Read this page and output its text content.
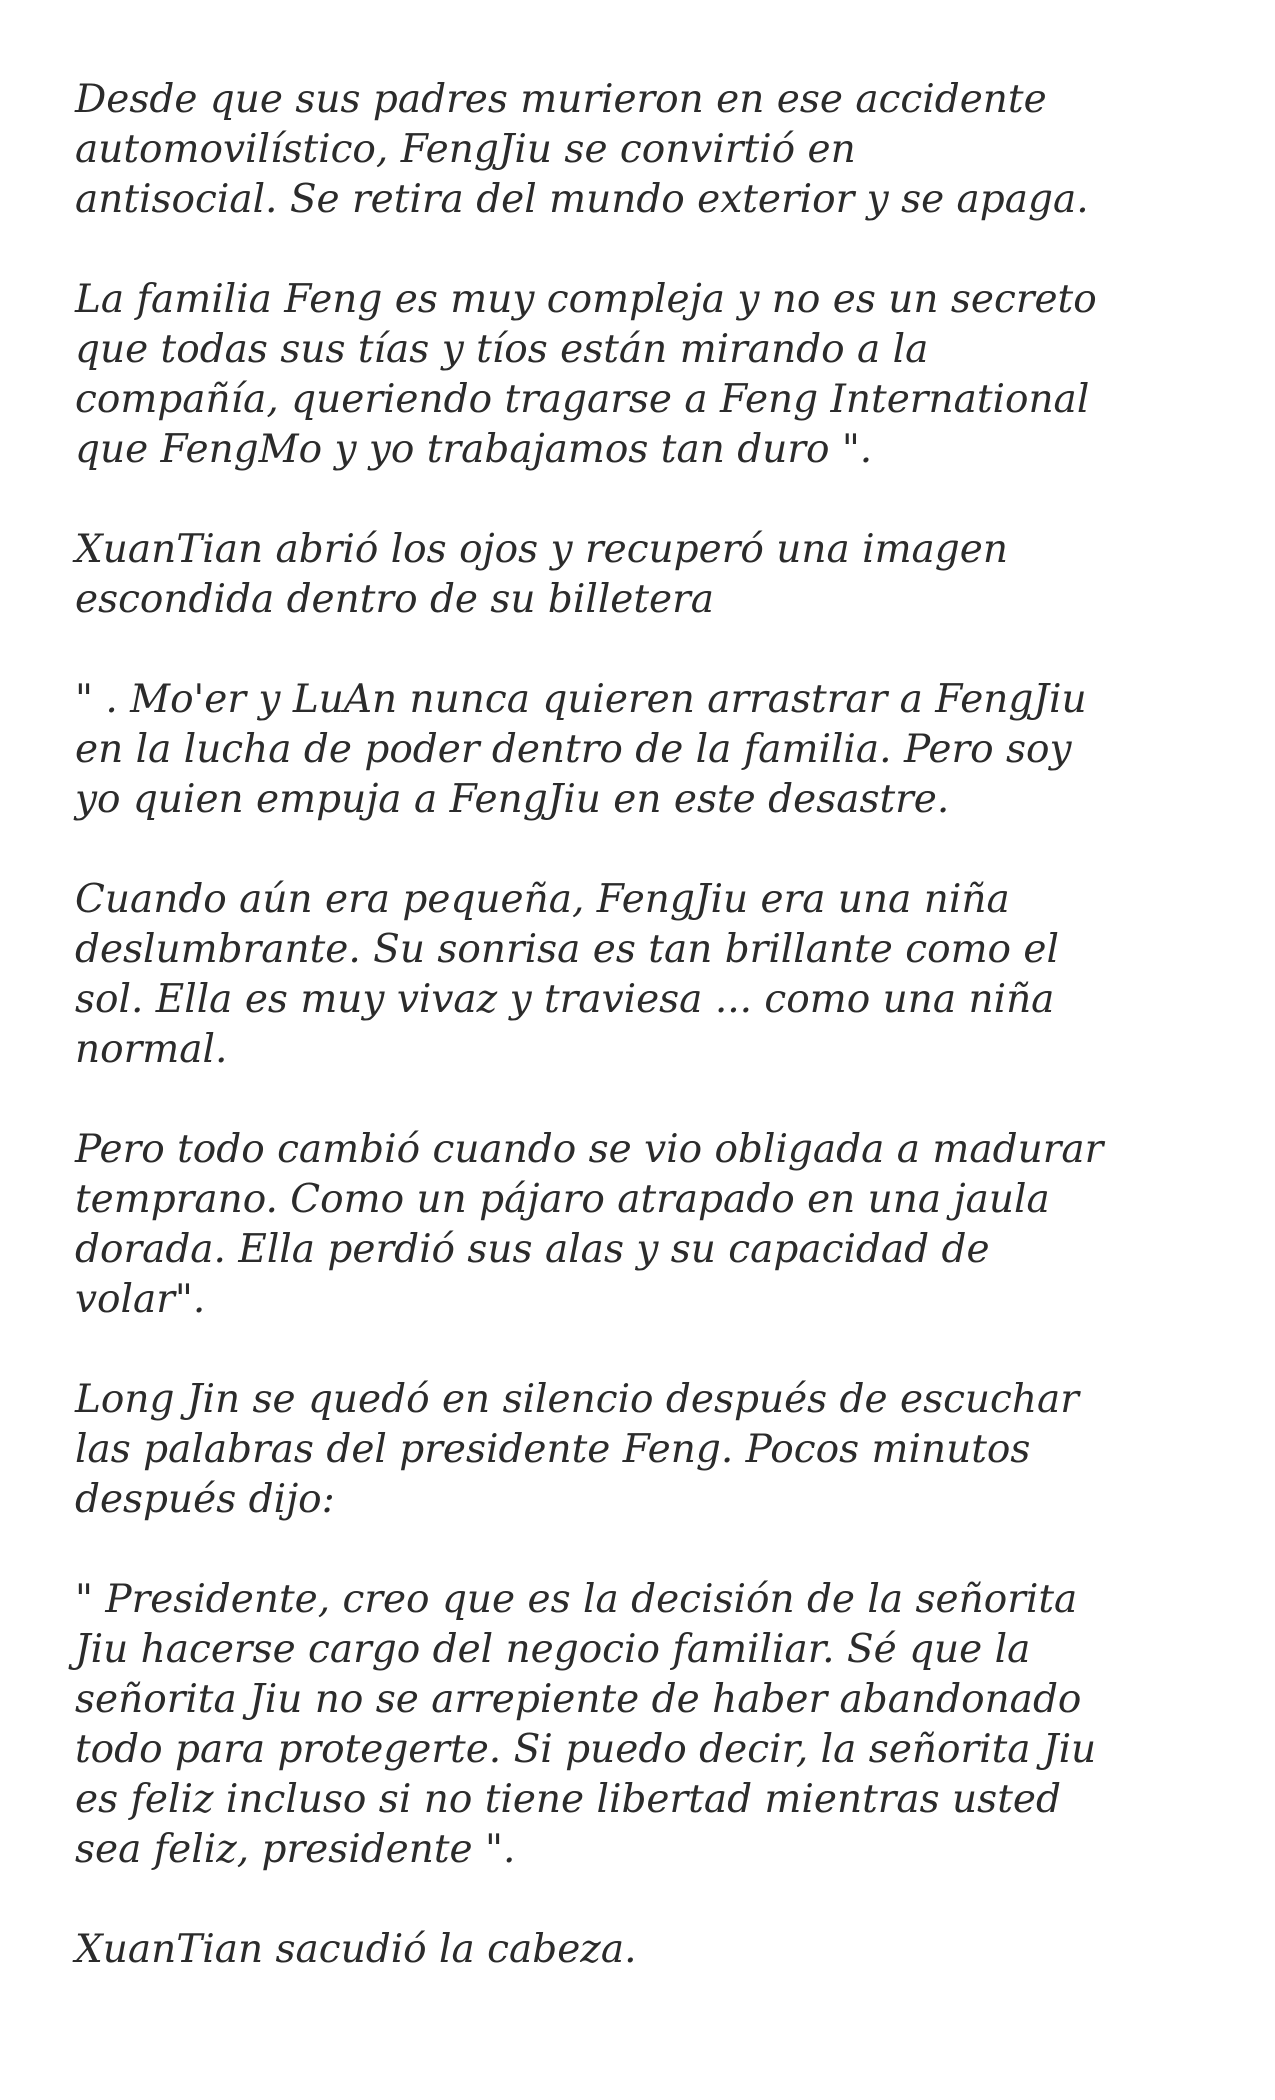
Desde que sus padres murieron en ese accidente
automovilístico, FengJiu se convirtió en
antisocial. Se retira del mundo exterior y se apaga.

La familia Feng es muy compleja y no es un secreto
que todas sus tías y tíos están mirando a la
compañía, queriendo tragarse a Feng International
que FengMo y yo trabajamos tan duro ".

XuanTian abrió los ojos y recuperó una imagen
escondida dentro de su billetera

" . Mo'er y LuAn nunca quieren arrastrar a FengJiu
en la lucha de poder dentro de la familia. Pero soy
yo quien empuja a FengJiu en este desastre.

Cuando aún era pequeña, FengJiu era una niña
deslumbrante. Su sonrisa es tan brillante como el
sol. Ella es muy vivaz y traviesa ... como una niña
normal.

Pero todo cambió cuando se vio obligada a madurar
temprano. Como un pájaro atrapado en una jaula
dorada. Ella perdió sus alas y su capacidad de
volar".

Long Jin se quedó en silencio después de escuchar
las palabras del presidente Feng. Pocos minutos
después dijo:

" Presidente, creo que es la decisión de la señorita
Jiu hacerse cargo del negocio familiar. Sé que la
señorita Jiu no se arrepiente de haber abandonado
todo para protegerte. Si puedo decir, la señorita Jiu
es feliz incluso si no tiene libertad mientras usted
sea feliz, presidente ".

XuanTian sacudió la cabeza.
